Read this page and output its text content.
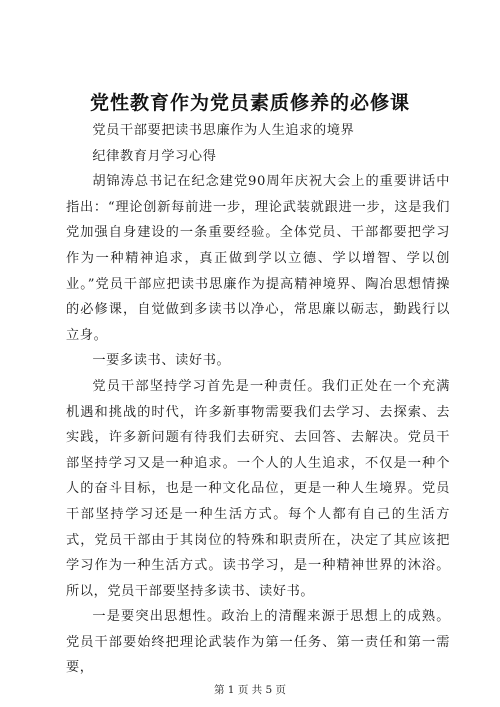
党性教育作为党员素质修养的必修课

党员干部要把读书思廉作为人生追求的境界

纪律教育月学习心得

胡锦涛总书记在纪念建党90周年庆祝大会上的重要讲话中指出：“理论创新每前进一步，理论武装就跟进一步，这是我们党加强自身建设的一条重要经验。全体党员、干部都要把学习作为一种精神追求，真正做到学以立德、学以增智、学以创业。”党员干部应把读书思廉作为提高精神境界、陶冶思想情操的必修课，自觉做到多读书以净心，常思廉以砺志，勤践行以立身。

一要多读书、读好书。

党员干部坚持学习首先是一种责任。我们正处在一个充满机遇和挑战的时代，许多新事物需要我们去学习、去探索、去实践，许多新问题有待我们去研究、去回答、去解决。党员干部坚持学习又是一种追求。一个人的人生追求，不仅是一种个人的奋斗目标，也是一种文化品位，更是一种人生境界。党员干部坚持学习还是一种生活方式。每个人都有自己的生活方式，党员干部由于其岗位的特殊和职责所在，决定了其应该把学习作为一种生活方式。读书学习，是一种精神世界的沐浴。所以，党员干部要坚持多读书、读好书。

一是要突出思想性。政治上的清醒来源于思想上的成熟。党员干部要始终把理论武装作为第一任务、第一责任和第一需要，

第 1 页 共 5 页
